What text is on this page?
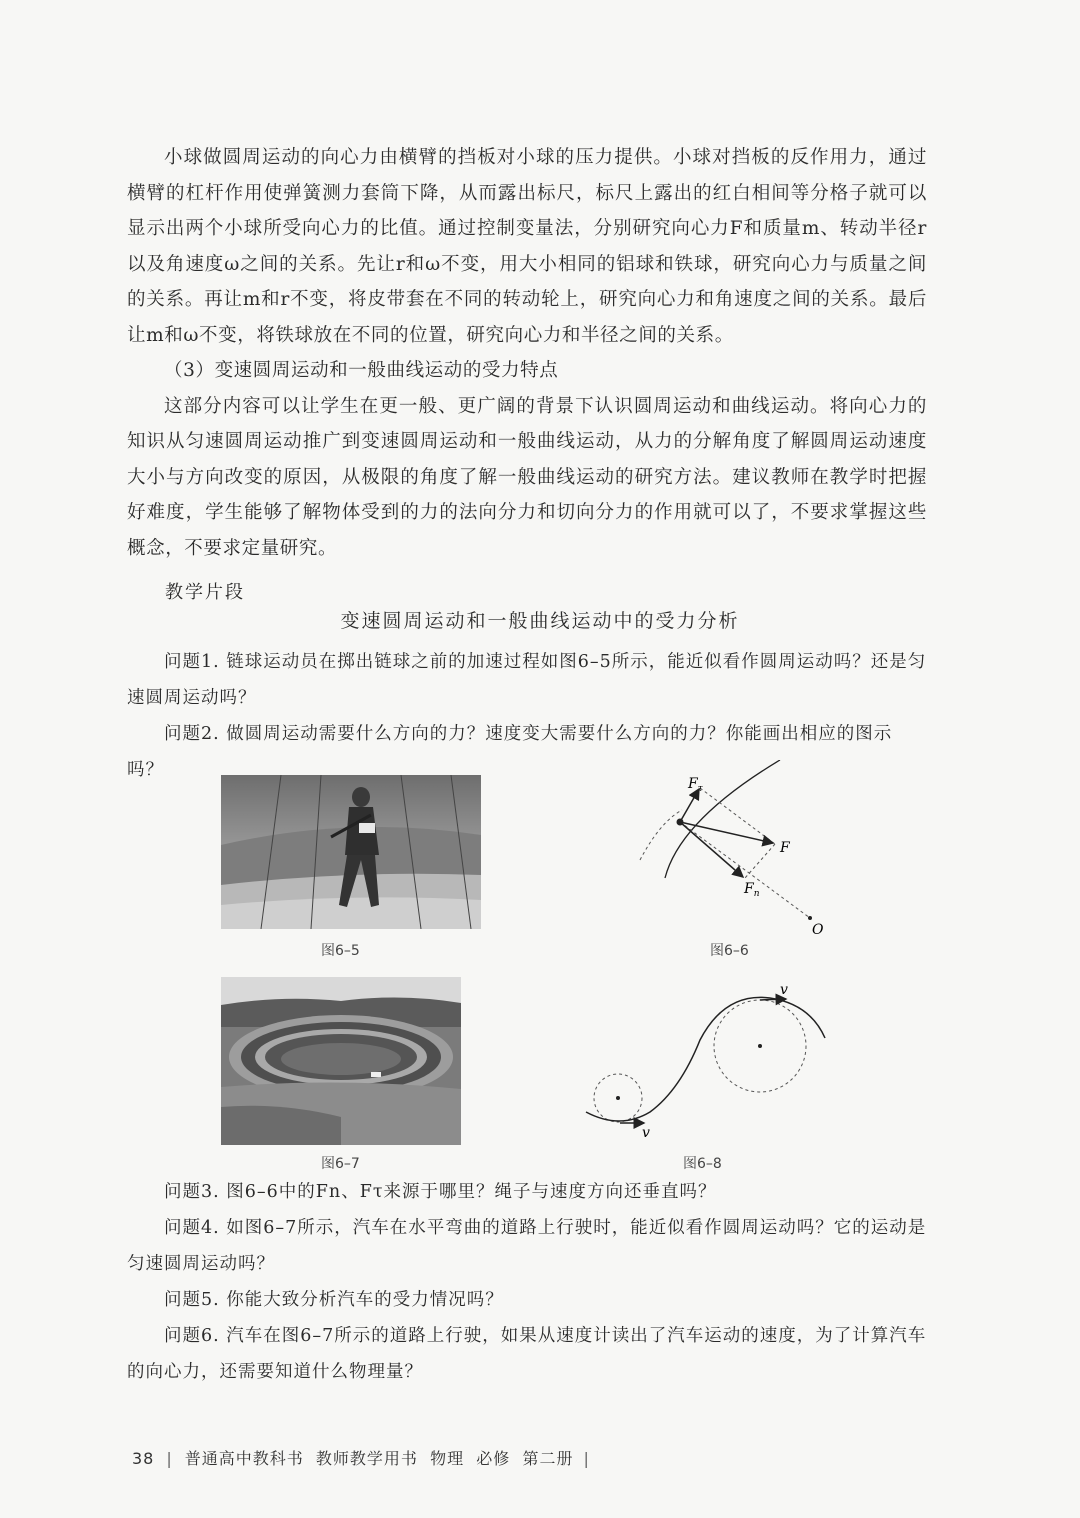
小球做圆周运动的向心力由横臂的挡板对小球的压力提供。小球对挡板的反作用力，通过横臂的杠杆作用使弹簧测力套筒下降，从而露出标尺，标尺上露出的红白相间等分格子就可以显示出两个小球所受向心力的比值。通过控制变量法，分别研究向心力F和质量m、转动半径r以及角速度ω之间的关系。先让r和ω不变，用大小相同的铝球和铁球，研究向心力与质量之间的关系。再让m和r不变，将皮带套在不同的转动轮上，研究向心力和角速度之间的关系。最后让m和ω不变，将铁球放在不同的位置，研究向心力和半径之间的关系。

（3）变速圆周运动和一般曲线运动的受力特点

这部分内容可以让学生在更一般、更广阔的背景下认识圆周运动和曲线运动。将向心力的知识从匀速圆周运动推广到变速圆周运动和一般曲线运动，从力的分解角度了解圆周运动速度大小与方向改变的原因，从极限的角度了解一般曲线运动的研究方法。建议教师在教学时把握好难度，学生能够了解物体受到的力的法向分力和切向分力的作用就可以了，不要求掌握这些概念，不要求定量研究。

教学片段
变速圆周运动和一般曲线运动中的受力分析

问题1. 链球运动员在掷出链球之前的加速过程如图6–5所示，能近似看作圆周运动吗？还是匀速圆周运动吗？

问题2. 做圆周运动需要什么方向的力？速度变大需要什么方向的力？你能画出相应的图示吗？

图6–5
$F_\tau$
F
$F_n$
O
图6–6
图6–7
v
v
图6–8

问题3. 图6–6中的Fn、Fτ来源于哪里？绳子与速度方向还垂直吗？

问题4. 如图6–7所示，汽车在水平弯曲的道路上行驶时，能近似看作圆周运动吗？它的运动是匀速圆周运动吗？

问题5. 你能大致分析汽车的受力情况吗？

问题6. 汽车在图6–7所示的道路上行驶，如果从速度计读出了汽车运动的速度，为了计算汽车的向心力，还需要知道什么物理量？

38 | 普通高中教科书  教师教学用书  物理  必修  第二册 |
